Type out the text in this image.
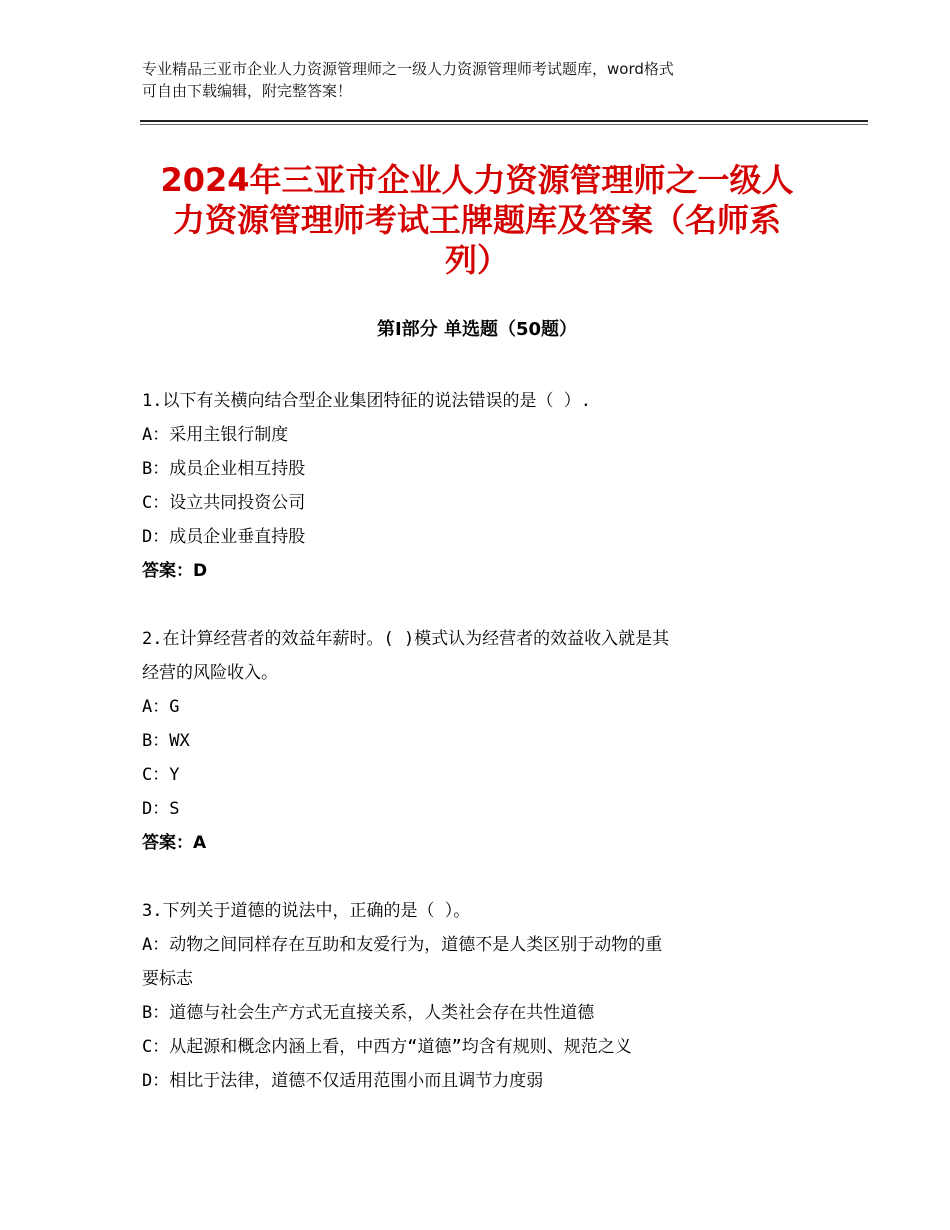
专业精品三亚市企业人力资源管理师之一级人力资源管理师考试题库，word格式
可自由下载编辑，附完整答案！
2024年三亚市企业人力资源管理师之一级人
力资源管理师考试王牌题库及答案（名师系
列）
第Ⅰ部分 单选题（50题）

1.以下有关横向结合型企业集团特征的说法错误的是（ ）.

A：采用主银行制度

B：成员企业相互持股

C：设立共同投资公司

D：成员企业垂直持股

答案：D

2.在计算经营者的效益年薪时。( )模式认为经营者的效益收入就是其

经营的风险收入。

A：G

B：WX

C：Y

D：S

答案：A

3.下列关于道德的说法中，正确的是（ ）。

A：动物之间同样存在互助和友爱行为，道德不是人类区别于动物的重

要标志

B：道德与社会生产方式无直接关系，人类社会存在共性道德

C：从起源和概念内涵上看，中西方“道德”均含有规则、规范之义

D：相比于法律，道德不仅适用范围小而且调节力度弱
